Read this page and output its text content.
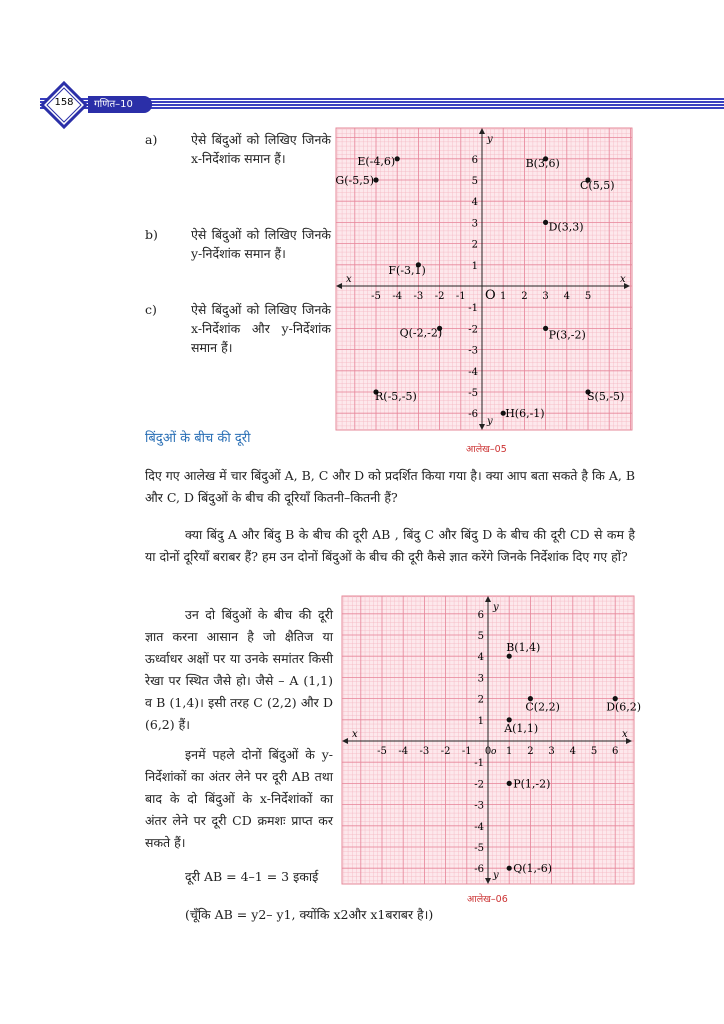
158	गणित–10
a)	ऐसे बिंदुओं को लिखिए जिनके x-निर्देशांक समान हैं।
b)	ऐसे बिंदुओं को लिखिए जिनके y-निर्देशांक समान हैं।
c)	ऐसे बिंदुओं को लिखिए जिनके x-निर्देशांक और y-निर्देशांक समान हैं।
x
x
y
y
-5 -4 -3 -2 -1	1 2 3 4 5
-6
-5
-4
-3
-2
-1
1
2
3
4
5
6
O
E(-4,6)	B(3,6)
G(-5,5)	C(5,5)
D(3,3)
F(-3,1)
Q(-2,-2)	P(3,-2)
R(-5,-5)	S(5,-5)
H(6,-1)
आलेख–05
बिंदुओं के बीच की दूरी
दिए गए आलेख में चार बिंदुओं A, B, C और D को प्रदर्शित किया गया है। क्या आप बता सकते है कि A, B और C, D बिंदुओं के बीच की दूरियाँ कितनी–कितनी हैं?
क्या बिंदु A और बिंदु B के बीच की दूरी AB , बिंदु C और बिंदु D के बीच की दूरी CD से कम है या दोनों दूरियाँ बराबर हैं? हम उन दोनों बिंदुओं के बीच की दूरी कैसे ज्ञात करेंगे जिनके निर्देशांक दिए गए हों?
उन दो बिंदुओं के बीच की दूरी ज्ञात करना आसान है जो क्षैतिज या ऊर्ध्वाधर अक्षों पर या उनके समांतर किसी रेखा पर स्थित जैसे हो। जैसे – A (1,1) व B (1,4)। इसी तरह C (2,2) और D (6,2) हैं।
इनमें पहले दोनों बिंदुओं के y-निर्देशांकों का अंतर लेने पर दूरी AB तथा बाद के दो बिंदुओं के x-निर्देशांकों का अंतर लेने पर दूरी CD क्रमशः प्राप्त कर सकते हैं।
दूरी AB = 4–1 = 3 इकाई
(चूँकि AB = y2– y1, क्योंकि x2और x1बराबर है।)
x
x
y
y
-5 -4 -3 -2 -1 0 1 2 3 4 5 6
-6
-5
-4
-3
-2
-1
1
2
3
4
5
6
o
B(1,4)
C(2,2)	D(6,2)
A(1,1)
P(1,-2)
Q(1,-6)
आलेख–06
